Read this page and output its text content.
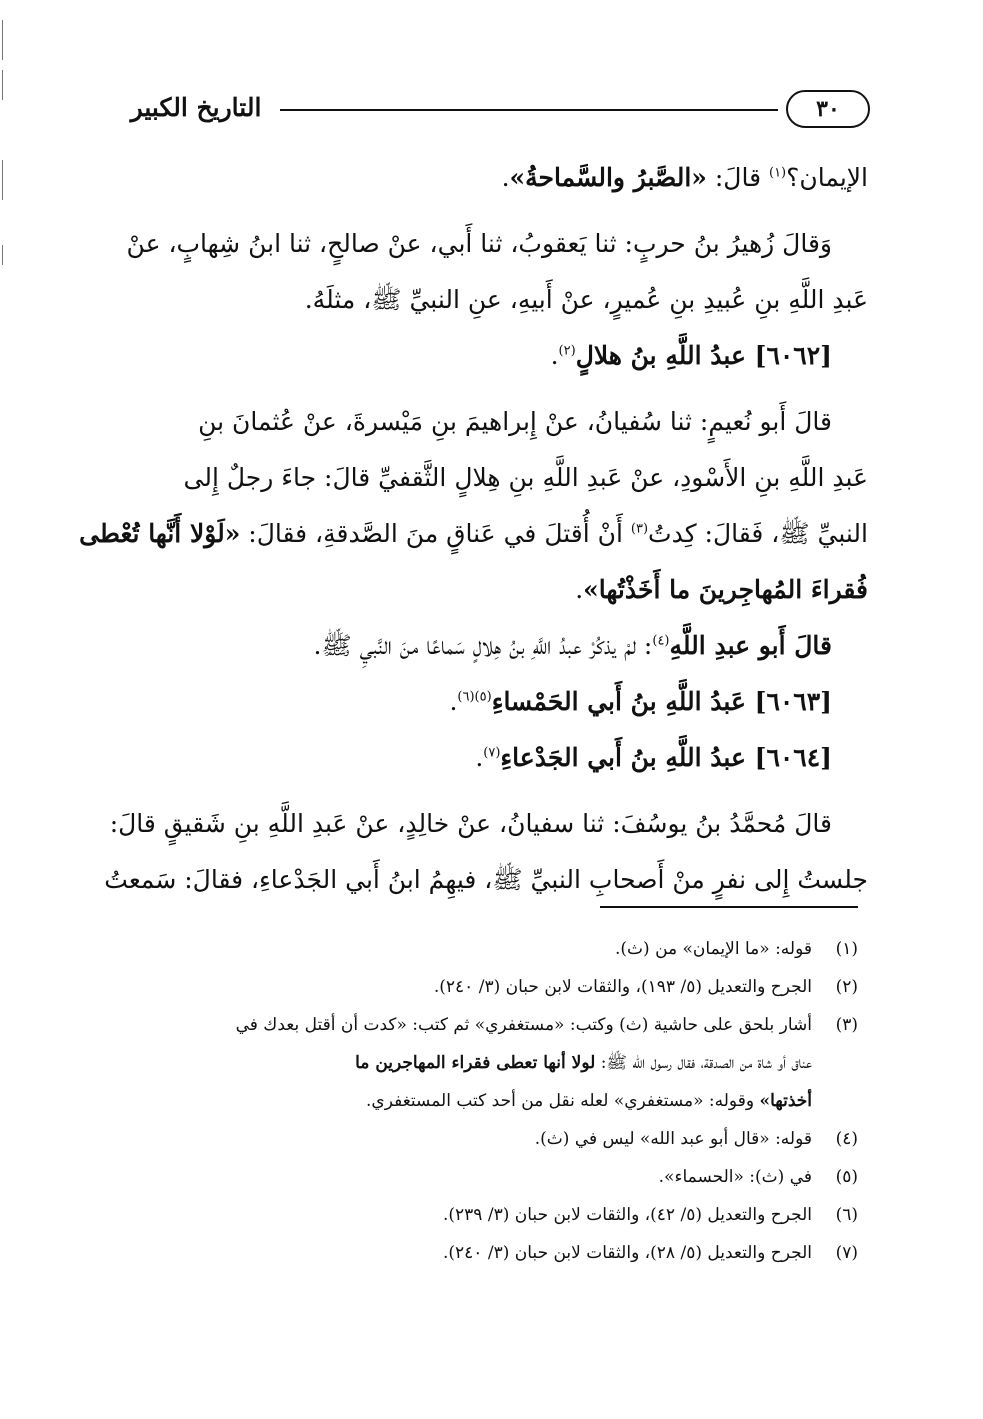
٣٠
التاريخ الكبير

الإيمان؟$^{(١)}$ قالَ: «الصَّبرُ والسَّماحةُ».

وَقالَ زُهيرُ بنُ حربٍ: ثنا يَعقوبُ، ثنا أَبي، عنْ صالحٍ، ثنا ابنُ شِهابٍ، عنْ

عَبدِ اللَّهِ بنِ عُبيدِ بنِ عُميرٍ، عنْ أَبيهِ، عنِ النبيِّ ﷺ، مثلَهُ.

[٦٠٦٢] عبدُ اللَّهِ بنُ هلالٍ$^{(٢)}$.

قالَ أَبو نُعيمٍ: ثنا سُفيانُ، عنْ إِبراهيمَ بنِ مَيْسرةَ، عنْ عُثمانَ بنِ

عَبدِ اللَّهِ بنِ الأَسْودِ، عنْ عَبدِ اللَّهِ بنِ هِلالٍ الثَّقفيِّ قالَ: جاءَ رجلٌ إِلى

النبيِّ ﷺ، فَقالَ: كِدتُ$^{(٣)}$ أَنْ أُقتلَ في عَناقٍ منَ الصَّدقةِ، فقالَ: «لَوْلا أَنَّها تُعْطى

فُقراءَ المُهاجِرينَ ما أَخَذْتُها».

قالَ أَبو عبدِ اللَّهِ$^{(٤)}$: لمْ يذكُرْ عبدُ اللَّهِ بنُ هِلالٍ سَماعًا منَ النَّبيِ ﷺ.

[٦٠٦٣] عَبدُ اللَّهِ بنُ أَبي الحَمْساءِ$^{(٥)(٦)}$.

[٦٠٦٤] عبدُ اللَّهِ بنُ أَبي الجَدْعاءِ$^{(٧)}$.

قالَ مُحمَّدُ بنُ يوسُفَ: ثنا سفيانُ، عنْ خالِدٍ، عنْ عَبدِ اللَّهِ بنِ شَقيقٍ قالَ:

جلستُ إِلى نفرٍ منْ أَصحابِ النبيِّ ﷺ، فيهِمُ ابنُ أَبي الجَدْعاءِ، فقالَ: سَمعتُ

(١)
قوله: «ما الإيمان» من (ث).
(٢)
الجرح والتعديل (٥/ ١٩٣)، والثقات لابن حبان (٣/ ٢٤٠).
(٣)
أشار بلحق على حاشية (ث) وكتب: «مستغفري» ثم كتب: «كدت أن أقتل بعدك في
عناق أو شاة من الصدقة، فقال رسول الله ﷺ: لولا أنها تعطى فقراء المهاجرين ما
أخذتها» وقوله: «مستغفري» لعله نقل من أحد كتب المستغفري.
(٤)
قوله: «قال أبو عبد الله» ليس في (ث).
(٥)
في (ث): «الحسماء».
(٦)
الجرح والتعديل (٥/ ٤٢)، والثقات لابن حبان (٣/ ٢٣٩).
(٧)
الجرح والتعديل (٥/ ٢٨)، والثقات لابن حبان (٣/ ٢٤٠).
